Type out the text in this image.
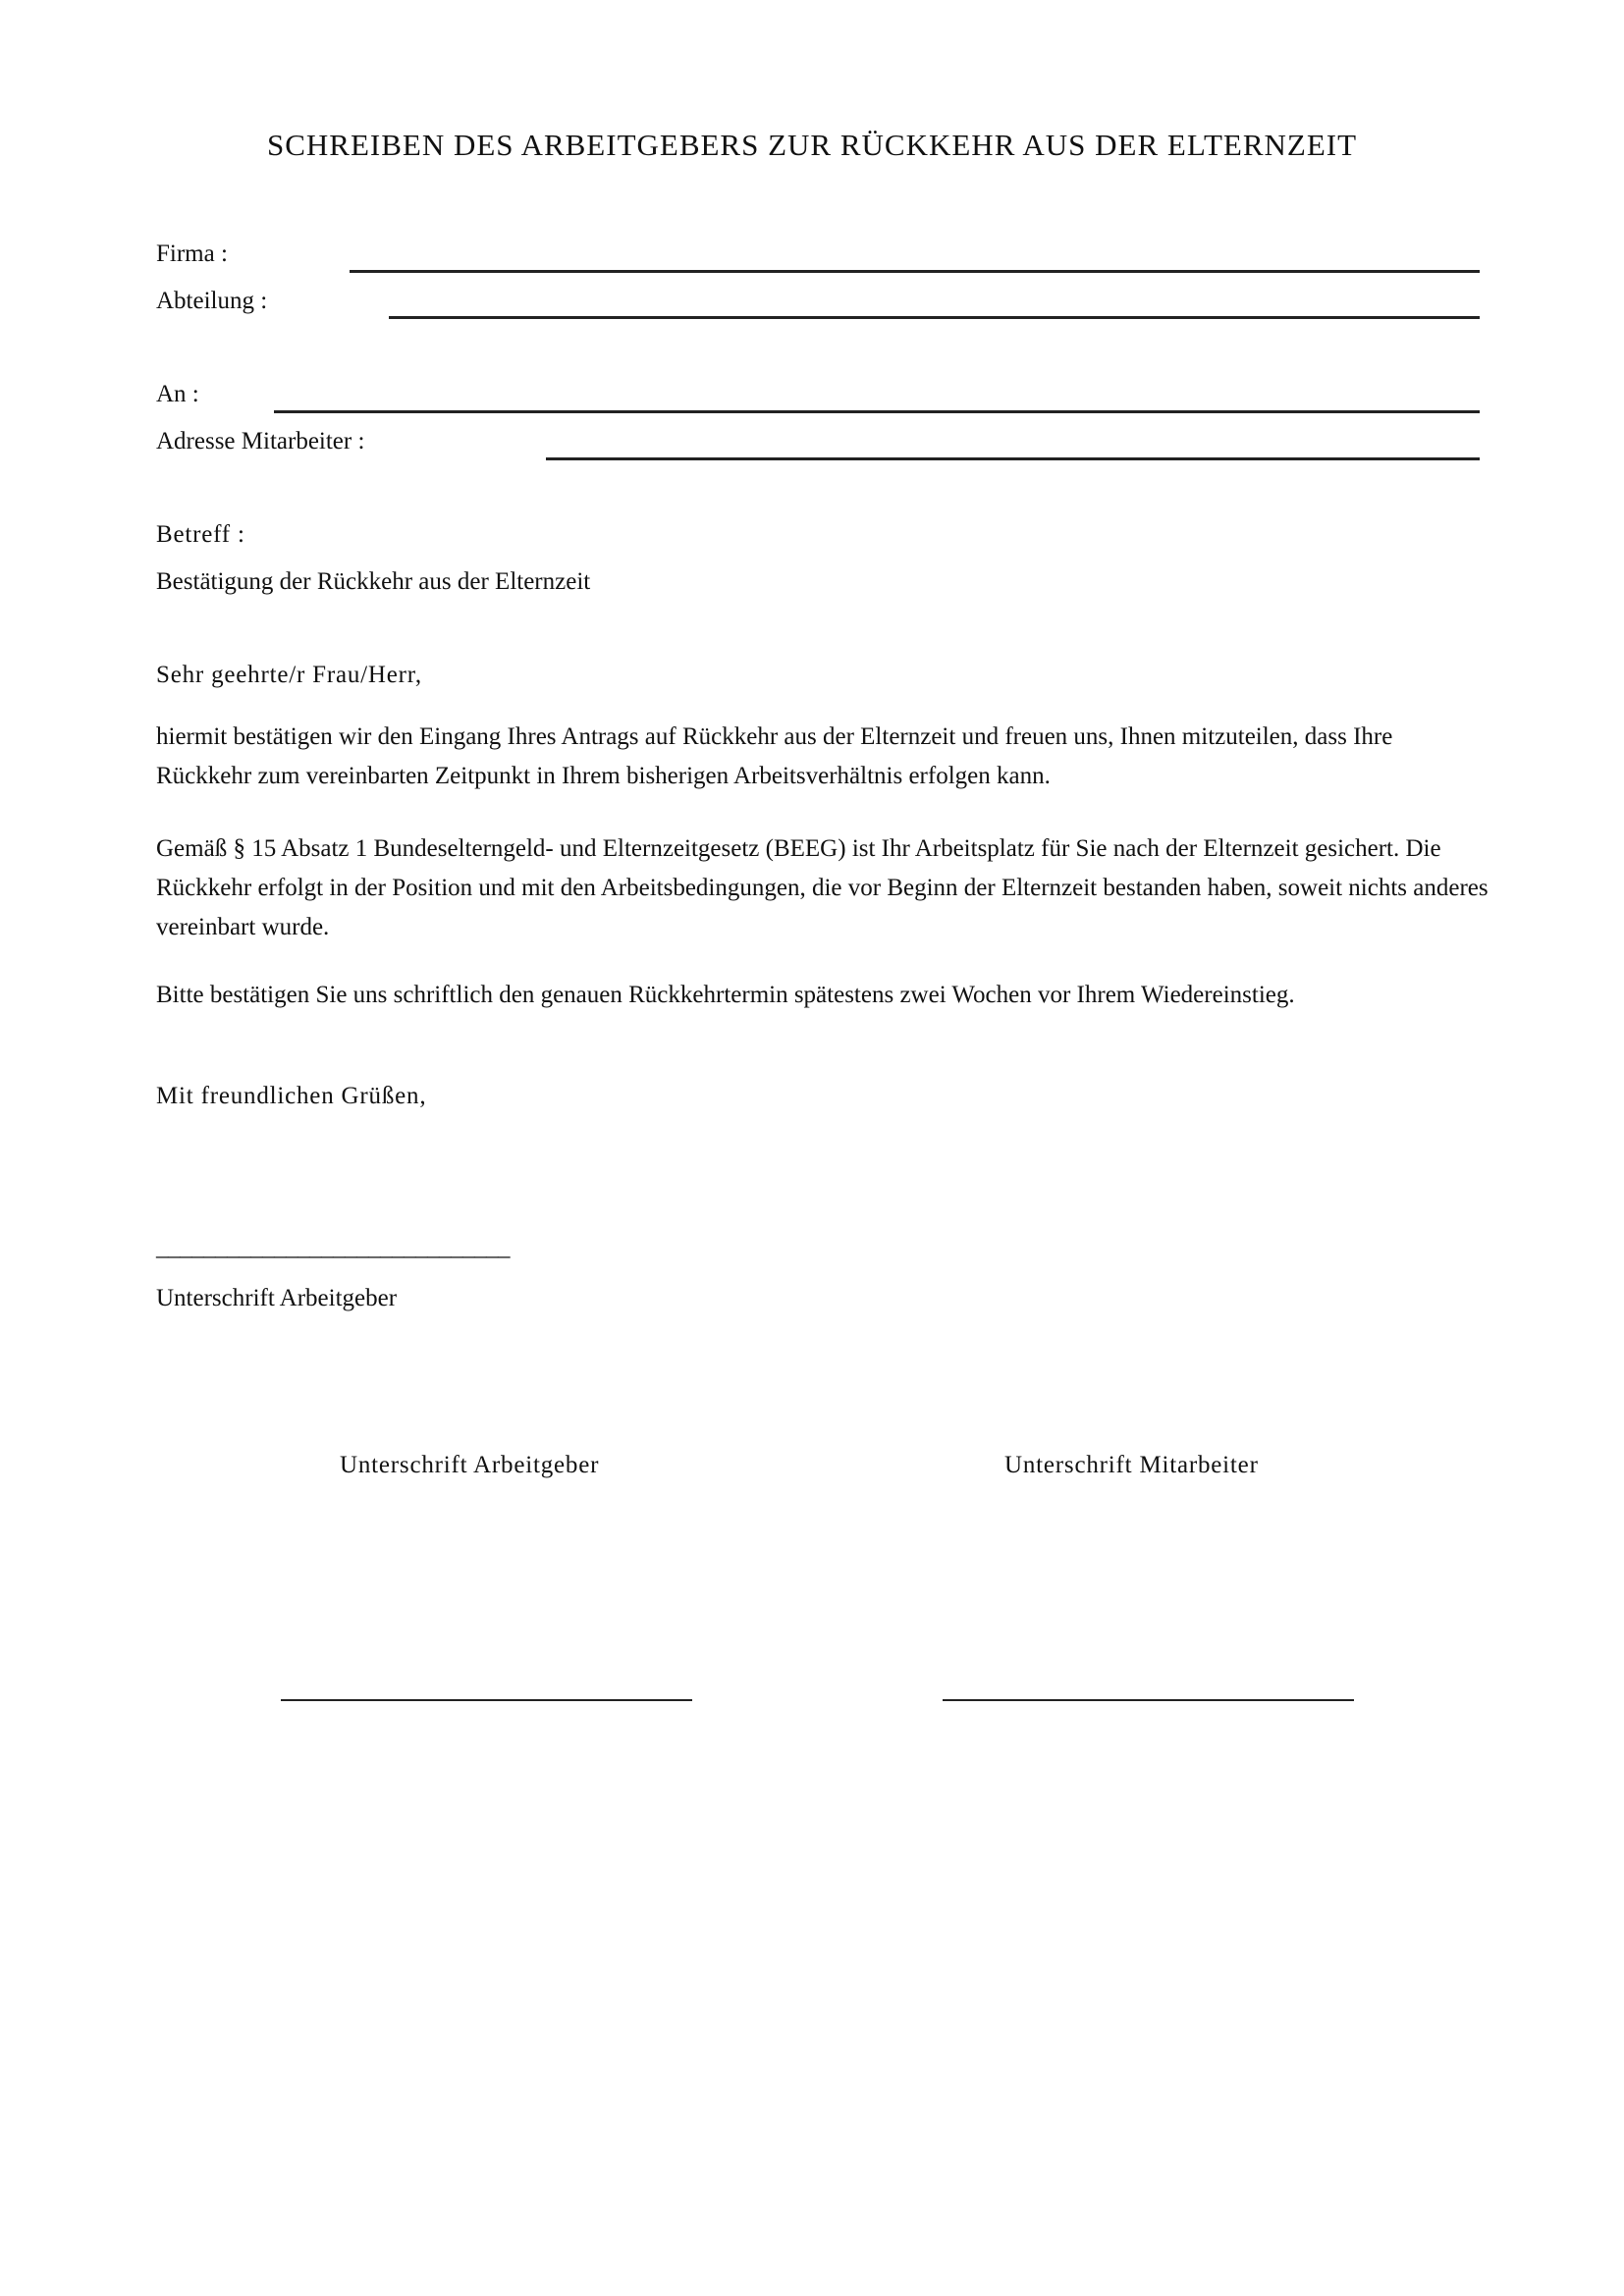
SCHREIBEN DES ARBEITGEBERS ZUR RÜCKKEHR AUS DER ELTERNZEIT
Firma :
Abteilung :
An :
Adresse Mitarbeiter :
Betreff :
Bestätigung der Rückkehr aus der Elternzeit
Sehr geehrte/r Frau/Herr,
hiermit bestätigen wir den Eingang Ihres Antrags auf Rückkehr aus der Elternzeit und freuen uns, Ihnen mitzuteilen, dass Ihre Rückkehr zum vereinbarten Zeitpunkt in Ihrem bisherigen Arbeitsverhältnis erfolgen kann.
Gemäß § 15 Absatz 1 Bundeselterngeld- und Elternzeitgesetz (BEEG) ist Ihr Arbeitsplatz für Sie nach der Elternzeit gesichert. Die Rückkehr erfolgt in der Position und mit den Arbeitsbedingungen, die vor Beginn der Elternzeit bestanden haben, soweit nichts anderes vereinbart wurde.
Bitte bestätigen Sie uns schriftlich den genauen Rückkehrtermin spätestens zwei Wochen vor Ihrem Wiedereinstieg.
Mit freundlichen Grüßen,
______________________________
Unterschrift Arbeitgeber
Unterschrift Arbeitgeber	Unterschrift Mitarbeiter
